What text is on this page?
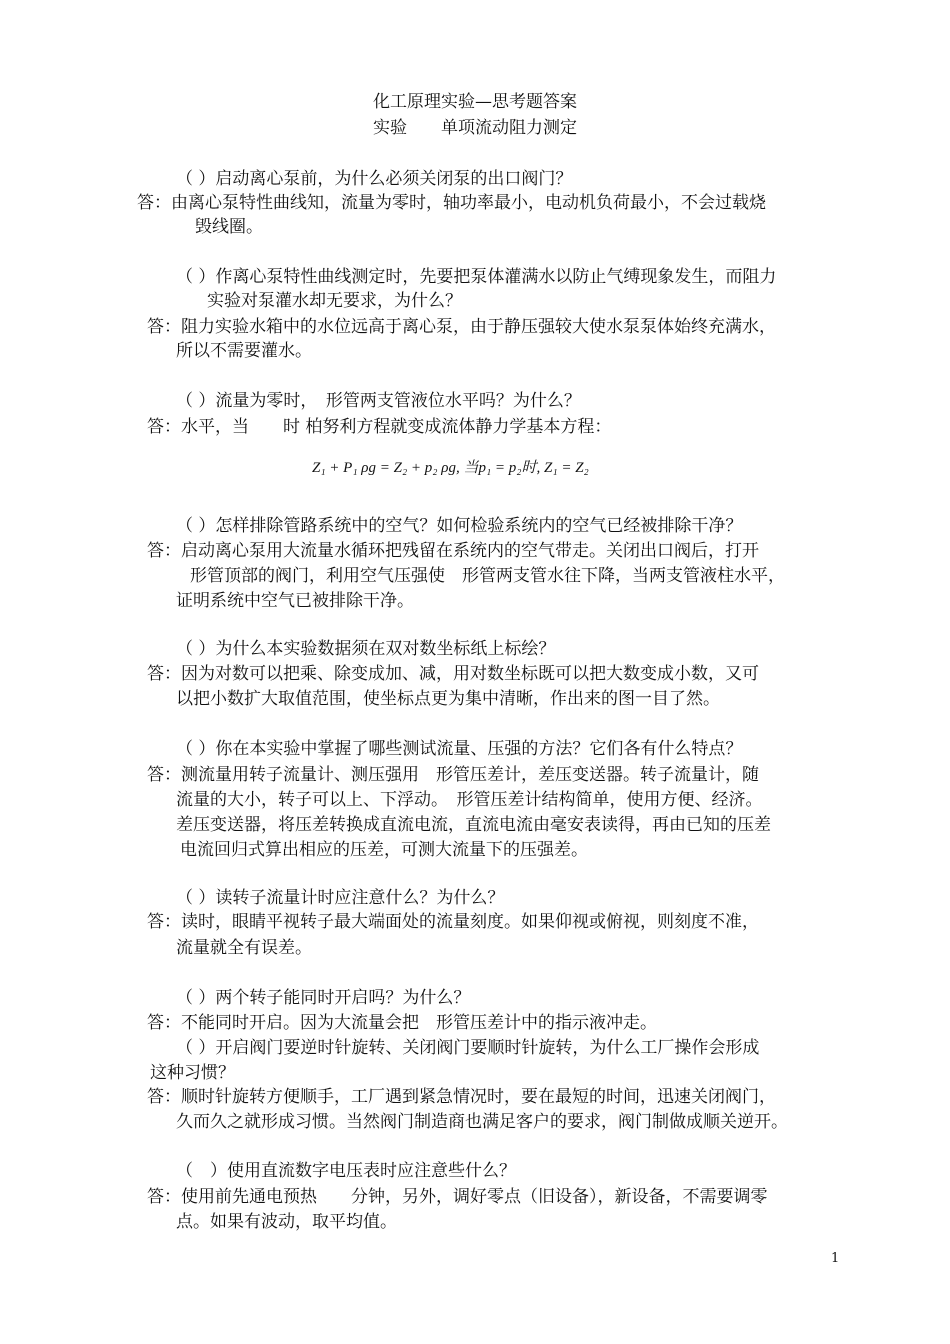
化工原理实验—思考题答案
实验　　单项流动阻力测定
（ ）启动离心泵前，为什么必须关闭泵的出口阀门？
答：由离心泵特性曲线知，流量为零时，轴功率最小，电动机负荷最小，不会过载烧
毁线圈。
（ ）作离心泵特性曲线测定时，先要把泵体灌满水以防止气缚现象发生，而阻力
实验对泵灌水却无要求，为什么？
答：阻力实验水箱中的水位远高于离心泵，由于静压强较大使水泵泵体始终充满水，
所以不需要灌水。
（ ）流量为零时，　形管两支管液位水平吗？为什么？
答：水平，当　　时 柏努利方程就变成流体静力学基本方程：
Z₁ + P₁ ρg = Z₂ + p₂ ρg, 当p₁ = p₂时, Z₁ = Z₂
（ ）怎样排除管路系统中的空气？如何检验系统内的空气已经被排除干净？
答：启动离心泵用大流量水循环把残留在系统内的空气带走。关闭出口阀后，打开
形管顶部的阀门，利用空气压强使　形管两支管水往下降，当两支管液柱水平，
证明系统中空气已被排除干净。
（ ）为什么本实验数据须在双对数坐标纸上标绘？
答：因为对数可以把乘、除变成加、减，用对数坐标既可以把大数变成小数，又可
以把小数扩大取值范围，使坐标点更为集中清晰，作出来的图一目了然。
（ ）你在本实验中掌握了哪些测试流量、压强的方法？它们各有什么特点？
答：测流量用转子流量计、测压强用　形管压差计，差压变送器。转子流量计，随
流量的大小，转子可以上、下浮动。　形管压差计结构简单，使用方便、经济。
差压变送器，将压差转换成直流电流，直流电流由毫安表读得，再由已知的压差
电流回归式算出相应的压差，可测大流量下的压强差。
（ ）读转子流量计时应注意什么？为什么？
答：读时，眼睛平视转子最大端面处的流量刻度。如果仰视或俯视，则刻度不准，
流量就全有误差。
（ ）两个转子能同时开启吗？为什么？
答：不能同时开启。因为大流量会把　形管压差计中的指示液冲走。
（ ）开启阀门要逆时针旋转、关闭阀门要顺时针旋转，为什么工厂操作会形成
这种习惯？
答：顺时针旋转方便顺手，工厂遇到紧急情况时，要在最短的时间，迅速关闭阀门，
久而久之就形成习惯。当然阀门制造商也满足客户的要求，阀门制做成顺关逆开。
（　）使用直流数字电压表时应注意些什么？
答：使用前先通电预热　　分钟，另外，调好零点（旧设备），新设备，不需要调零
点。如果有波动，取平均值。
1
